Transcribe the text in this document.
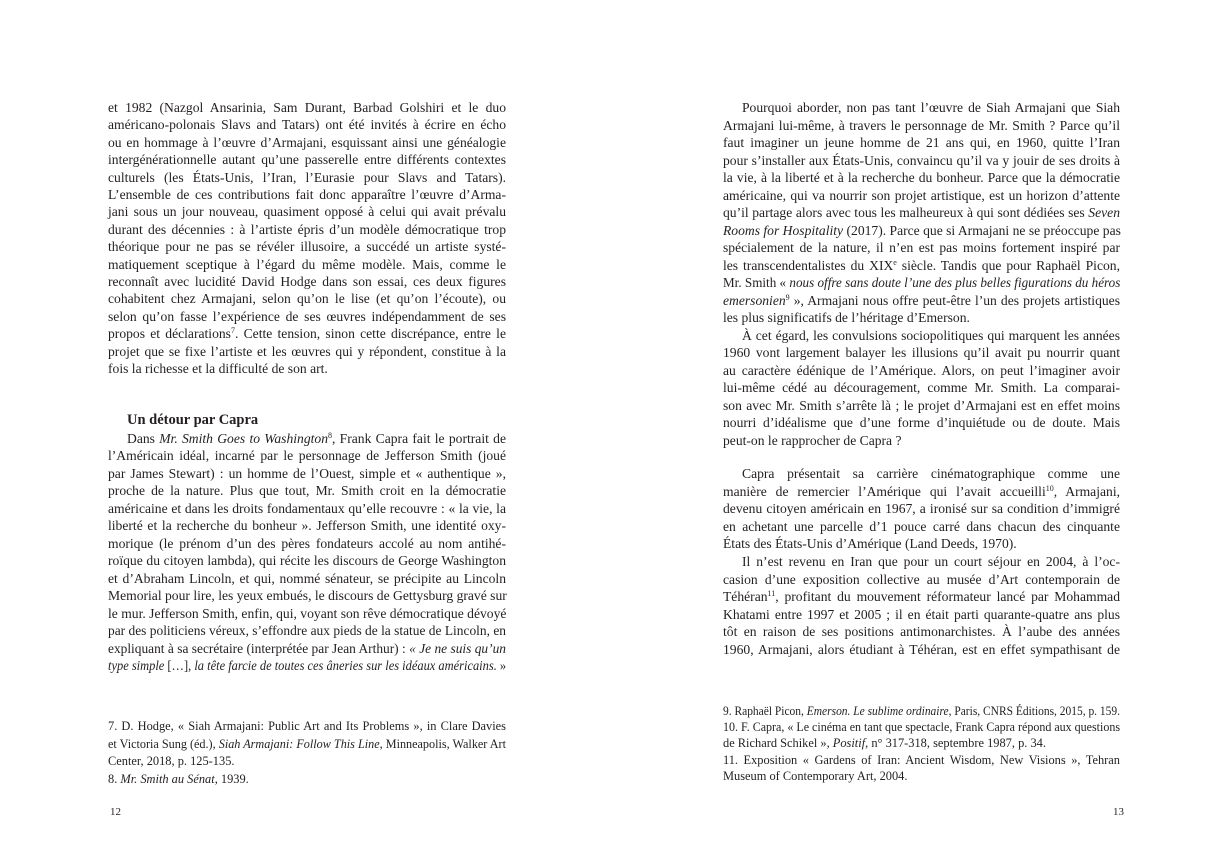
et 1982 (Nazgol Ansarinia, Sam Durant, Barbad Golshiri et le duo
américano-polonais Slavs and Tatars) ont été invités à écrire en écho
ou en hommage à l’œuvre d’Armajani, esquissant ainsi une généalogie
intergénérationnelle autant qu’une passerelle entre différents contextes
culturels (les États-Unis, l’Iran, l’Eurasie pour Slavs and Tatars).
L’ensemble de ces contributions fait donc apparaître l’œuvre d’Arma-
jani sous un jour nouveau, quasiment opposé à celui qui avait prévalu
durant des décennies : à l’artiste épris d’un modèle démocratique trop
théorique pour ne pas se révéler illusoire, a succédé un artiste systé-
matiquement sceptique à l’égard du même modèle. Mais, comme le
reconnaît avec lucidité David Hodge dans son essai, ces deux figures
cohabitent chez Armajani, selon qu’on le lise (et qu’on l’écoute), ou
selon qu’on fasse l’expérience de ses œuvres indépendamment de ses
propos et déclarations$^7$. Cette tension, sinon cette discrépance, entre le
projet que se fixe l’artiste et les œuvres qui y répondent, constitue à la
fois la richesse et la difficulté de son art.
Un détour par Capra
Dans Mr. Smith Goes to Washington$^8$, Frank Capra fait le portrait de
l’Américain idéal, incarné par le personnage de Jefferson Smith (joué
par James Stewart) : un homme de l’Ouest, simple et « authentique »,
proche de la nature. Plus que tout, Mr. Smith croit en la démocratie
américaine et dans les droits fondamentaux qu’elle recouvre : « la vie, la
liberté et la recherche du bonheur ». Jefferson Smith, une identité oxy-
morique (le prénom d’un des pères fondateurs accolé au nom antihé-
roïque du citoyen lambda), qui récite les discours de George Washington
et d’Abraham Lincoln, et qui, nommé sénateur, se précipite au Lincoln
Memorial pour lire, les yeux embués, le discours de Gettysburg gravé sur
le mur. Jefferson Smith, enfin, qui, voyant son rêve démocratique dévoyé
par des politiciens véreux, s’effondre aux pieds de la statue de Lincoln, en
expliquant à sa secrétaire (interprétée par Jean Arthur) : « Je ne suis qu’un
type simple […], la tête farcie de toutes ces âneries sur les idéaux américains. »
7. D. Hodge, « Siah Armajani: Public Art and Its Problems », in Clare Davies
et Victoria Sung (éd.), Siah Armajani: Follow This Line, Minneapolis, Walker Art
Center, 2018, p. 125-135.
8. Mr. Smith au Sénat, 1939.
12
Pourquoi aborder, non pas tant l’œuvre de Siah Armajani que Siah
Armajani lui-même, à travers le personnage de Mr. Smith ? Parce qu’il
faut imaginer un jeune homme de 21 ans qui, en 1960, quitte l’Iran
pour s’installer aux États-Unis, convaincu qu’il va y jouir de ses droits à
la vie, à la liberté et à la recherche du bonheur. Parce que la démocratie
américaine, qui va nourrir son projet artistique, est un horizon d’attente
qu’il partage alors avec tous les malheureux à qui sont dédiées ses Seven
Rooms for Hospitality (2017). Parce que si Armajani ne se préoccupe pas
spécialement de la nature, il n’en est pas moins fortement inspiré par
les transcendentalistes du XIXe siècle. Tandis que pour Raphaël Picon,
Mr. Smith « nous offre sans doute l’une des plus belles figurations du héros
emersonien$^9$ », Armajani nous offre peut-être l’un des projets artistiques
les plus significatifs de l’héritage d’Emerson.
À cet égard, les convulsions sociopolitiques qui marquent les années
1960 vont largement balayer les illusions qu’il avait pu nourrir quant
au caractère édénique de l’Amérique. Alors, on peut l’imaginer avoir
lui-même cédé au découragement, comme Mr. Smith. La comparai-
son avec Mr. Smith s’arrête là ; le projet d’Armajani est en effet moins
nourri d’idéalisme que d’une forme d’inquiétude ou de doute. Mais
peut-on le rapprocher de Capra ?
Capra présentait sa carrière cinématographique comme une
manière de remercier l’Amérique qui l’avait accueilli$^{10}$, Armajani,
devenu citoyen américain en 1967, a ironisé sur sa condition d’immigré
en achetant une parcelle d’1 pouce carré dans chacun des cinquante
États des États-Unis d’Amérique (Land Deeds, 1970).
Il n’est revenu en Iran que pour un court séjour en 2004, à l’oc-
casion d’une exposition collective au musée d’Art contemporain de
Téhéran$^{11}$, profitant du mouvement réformateur lancé par Mohammad
Khatami entre 1997 et 2005 ; il en était parti quarante-quatre ans plus
tôt en raison de ses positions antimonarchistes. À l’aube des années
1960, Armajani, alors étudiant à Téhéran, est en effet sympathisant de
9. Raphaël Picon, Emerson. Le sublime ordinaire, Paris, CNRS Éditions, 2015, p. 159.
10. F. Capra, « Le cinéma en tant que spectacle, Frank Capra répond aux questions
de Richard Schikel », Positif, n° 317-318, septembre 1987, p. 34.
11. Exposition « Gardens of Iran: Ancient Wisdom, New Visions », Tehran
Museum of Contemporary Art, 2004.
13
